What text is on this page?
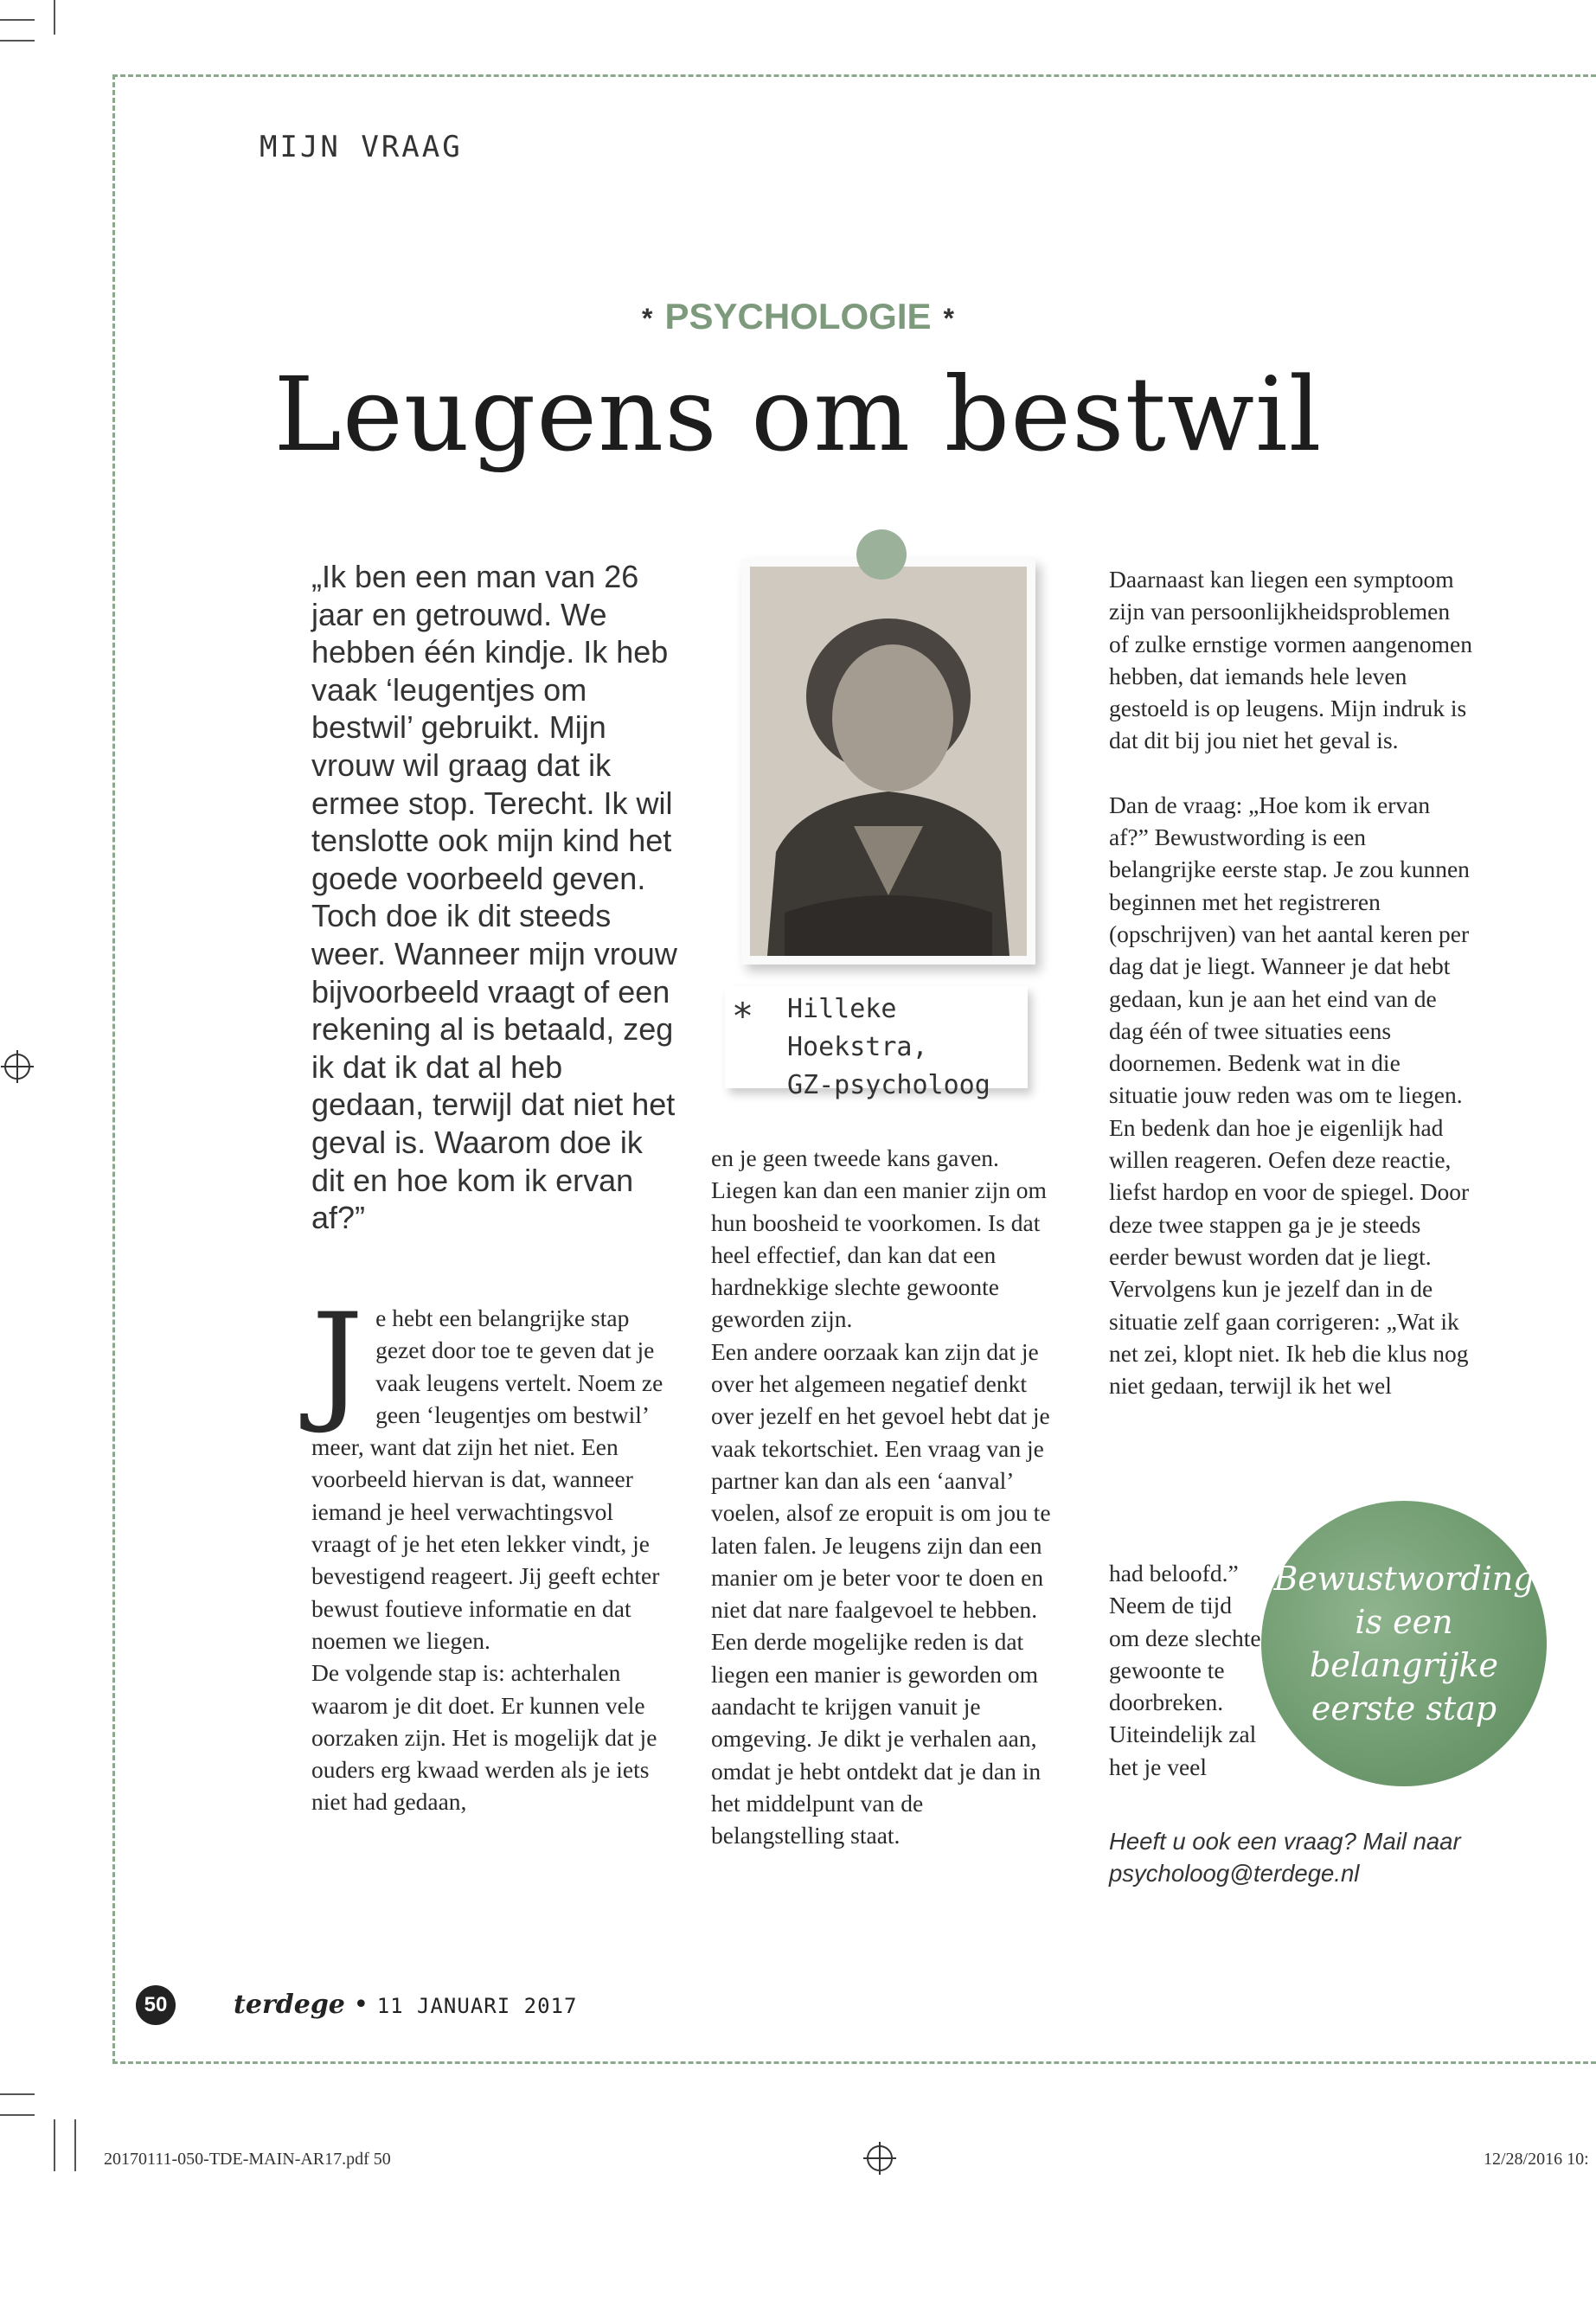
MIJN VRAAG
* PSYCHOLOGIE *
Leugens om bestwil
„Ik ben een man van 26 jaar en getrouwd. We hebben één kindje. Ik heb vaak ‘leugentjes om bestwil’ gebruikt. Mijn vrouw wil graag dat ik ermee stop. Terecht. Ik wil tenslotte ook mijn kind het goede voorbeeld geven. Toch doe ik dit steeds weer. Wanneer mijn vrouw bijvoorbeeld vraagt of een rekening al is betaald, zeg ik dat ik dat al heb gedaan, terwijl dat niet het geval is. Waarom doe ik dit en hoe kom ik ervan af?”
Je hebt een belangrijke stap gezet door toe te geven dat je vaak leugens vertelt. Noem ze geen ‘leugentjes om bestwil’ meer, want dat zijn het niet. Een voorbeeld hiervan is dat, wanneer iemand je heel verwachtingsvol vraagt of je het eten lekker vindt, je bevestigend reageert. Jij geeft echter bewust foutieve informatie en dat noemen we liegen.
De volgende stap is: achterhalen waarom je dit doet. Er kunnen vele oorzaken zijn. Het is mogelijk dat je ouders erg kwaad werden als je iets niet had gedaan,
* Hilleke Hoekstra,
GZ-psycholoog
en je geen tweede kans gaven. Liegen kan dan een manier zijn om hun boosheid te voorkomen. Is dat heel effectief, dan kan dat een hardnekkige slechte gewoonte geworden zijn.
Een andere oorzaak kan zijn dat je over het algemeen negatief denkt over jezelf en het gevoel hebt dat je vaak tekortschiet. Een vraag van je partner kan dan als een ‘aanval’ voelen, alsof ze eropuit is om jou te laten falen. Je leugens zijn dan een manier om je beter voor te doen en niet dat nare faalgevoel te hebben.
Een derde mogelijke reden is dat liegen een manier is geworden om aandacht te krijgen vanuit je omgeving. Je dikt je verhalen aan, omdat je hebt ontdekt dat je dan in het middelpunt van de belangstelling staat.

Daarnaast kan liegen een symptoom zijn van persoonlijkheidsproblemen of zulke ernstige vormen aangenomen hebben, dat iemands hele leven gestoeld is op leugens. Mijn indruk is dat dit bij jou niet het geval is.

Dan de vraag: „Hoe kom ik ervan af?” Bewustwording is een belangrijke eerste stap. Je zou kunnen beginnen met het registreren (opschrijven) van het aantal keren per dag dat je liegt. Wanneer je dat hebt gedaan, kun je aan het eind van de dag één of twee situaties eens doornemen. Bedenk wat in die situatie jouw reden was om te liegen. En bedenk dan hoe je eigenlijk had willen reageren. Oefen deze reactie, liefst hardop en voor de spiegel. Door deze twee stappen ga je je steeds eerder bewust worden dat je liegt. Vervolgens kun je jezelf dan in de situatie zelf gaan corrigeren: „Wat ik net zei, klopt niet. Ik heb die klus nog niet gedaan, terwijl ik het wel

had beloofd.” Neem de tijd om deze slechte gewoonte te doorbreken. Uiteindelijk zal het je veel
Bewustwording is een belangrijke eerste stap
Heeft u ook een vraag? Mail naar psycholoog@terdege.nl
50	terdege • 11 JANUARI 2017
20170111-050-TDE-MAIN-AR17.pdf 50	12/28/2016 10:
